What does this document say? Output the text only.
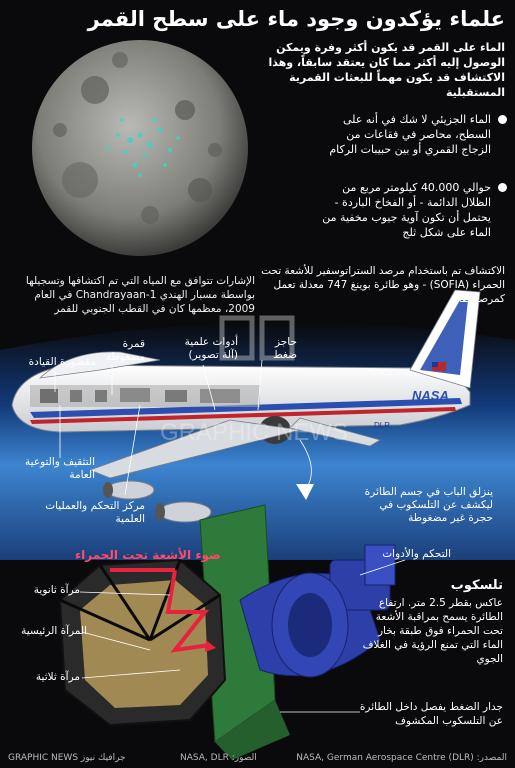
DLR
NASA
GRAPHIC NEWS
علماء يؤكدون وجود ماء على سطح القمر
الماء على القمر قد يكون أكثر وفرة ويمكن الوصول إليه أكثر مما كان يعتقد سابقاً، وهذا الاكتشاف قد يكون مهماً للبعثات القمرية المستقبلية
الماء الجزيئي لا شك في أنه على السطح، محاصر في فقاعات من الزجاج القمري أو بين حبيبات الركام
حوالي 40.000 كيلومتر مربع من الظلال الدائمة - أو الفخاخ الباردة - يحتمل أن تكون آوية جيوب مخفية من الماء على شكل ثلج
الاكتشاف تم باستخدام مرصد الستراتوسفير للأشعة تحت الحمراء (SOFIA) - وهو طائرة بوينغ 747 معدلة تعمل كمرصد طائر
الإشارات تتوافق مع المياه التي تم اكتشافها وتسجيلها بواسطة مسبار الهندي Chandrayaan-1 في العام 2009، معظمها كان في القطب الجنوبي للقمر
مقصورة القيادة
قمرة مضغوطة
أدوات علمية (آلة تصوير)
حاجز ضغط
التثقيف والتوعية العامة
مركز التحكم والعمليات العلمية
ينزلق الباب في جسم الطائرة ليكشف عن التلسكوب في حجرة غير مضغوطة
ضوء الأشعة تحت الحمراء	التحكم والأدوات
تلسكوب
عاكس بقطر 2.5 متر. ارتفاع الطائرة يسمح بمراقبة الأشعة تحت الحمراء فوق طبقة بخار الماء التي تمنع الرؤية في الغلاف الجوي
جدار الضغط يفصل داخل الطائرة عن التلسكوب المكشوف
مرآة ثانوية
المرآة الرئيسية
مرآة ثلاثية
المصدر: NASA, German Aerospace Centre (DLR)
الصور: NASA, DLR
GRAPHIC NEWS جرافيك نيوز
